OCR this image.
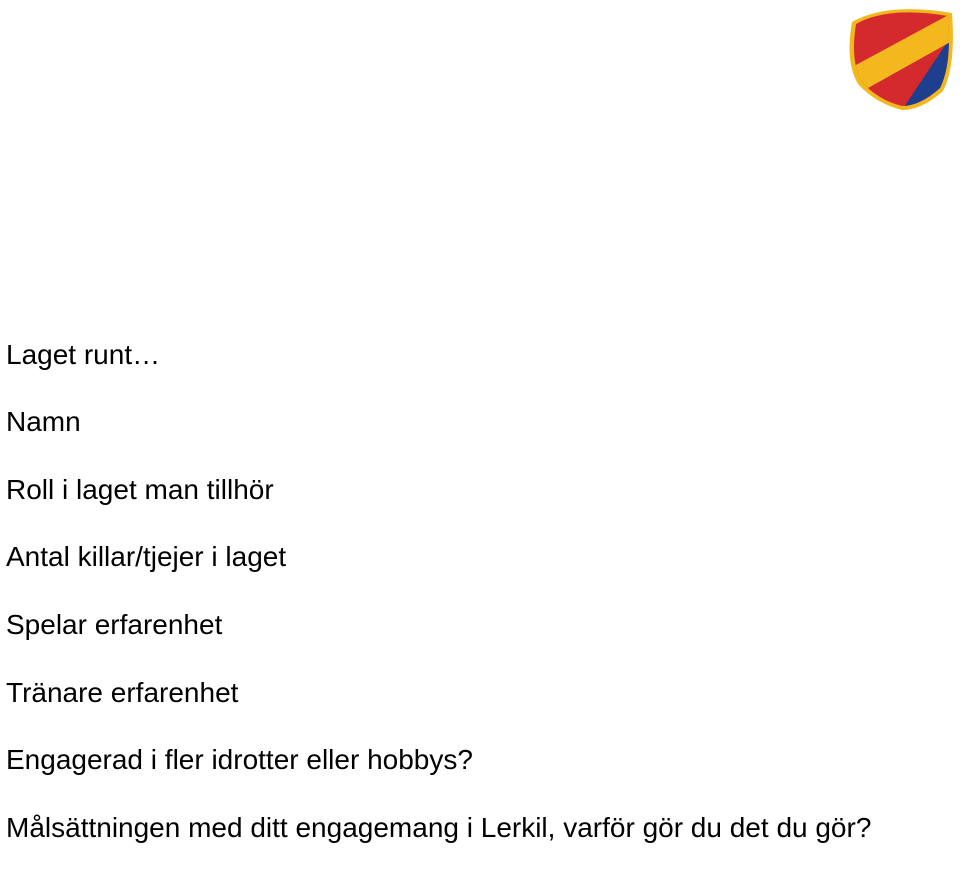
Laget runt…
Namn
Roll i laget man tillhör
Antal killar/tjejer i laget
Spelar erfarenhet
Tränare erfarenhet
Engagerad i fler idrotter eller hobbys?
Målsättningen med ditt engagemang i Lerkil, varför gör du det du gör?
